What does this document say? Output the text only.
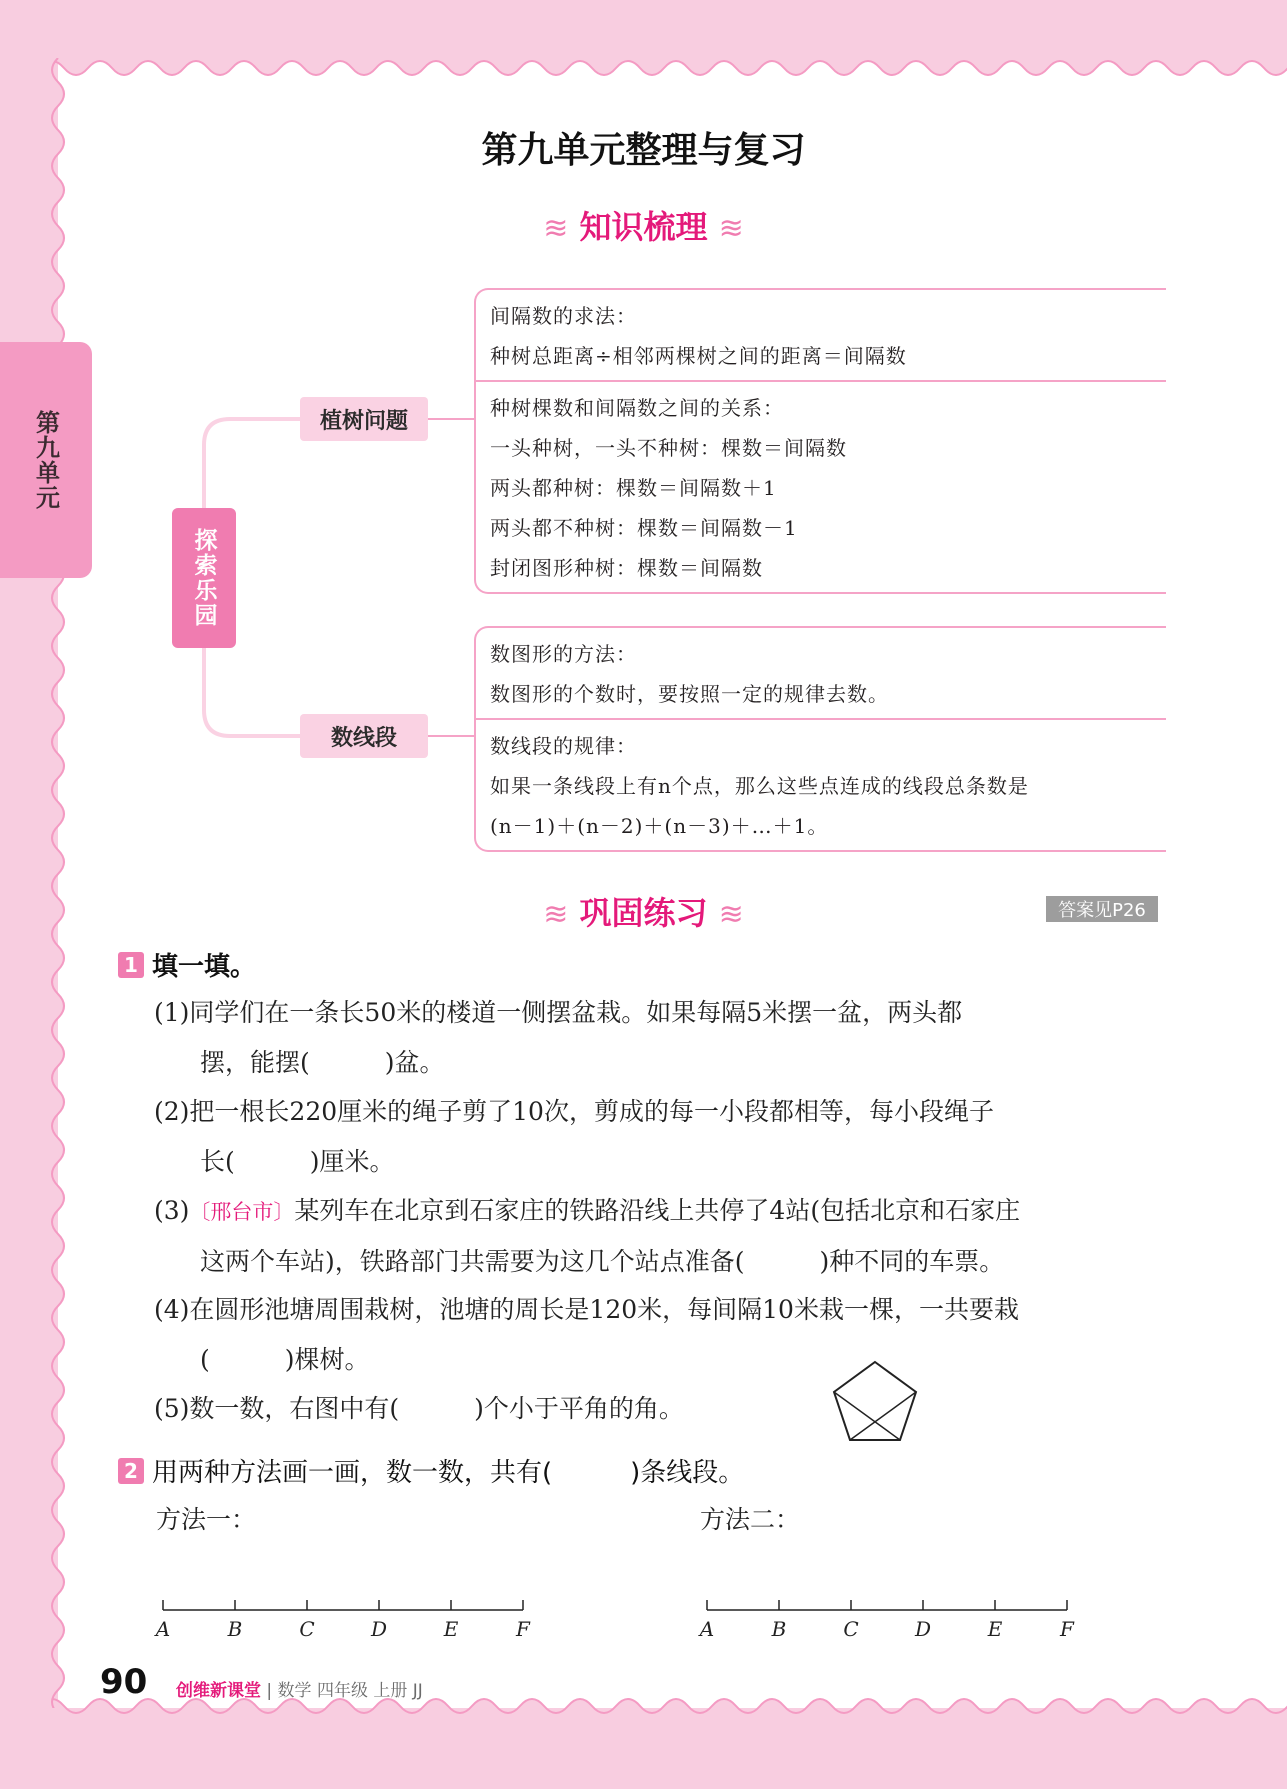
第九单元
第九单元整理与复习
≋ 知识梳理 ≋
探索乐园
植树问题
数线段
间隔数的求法：
种树总距离÷相邻两棵树之间的距离＝间隔数
种树棵数和间隔数之间的关系：
一头种树，一头不种树：棵数＝间隔数
两头都种树：棵数＝间隔数＋1
两头都不种树：棵数＝间隔数－1
封闭图形种树：棵数＝间隔数
数图形的方法：
数图形的个数时，要按照一定的规律去数。
数线段的规律：
如果一条线段上有n个点，那么这些点连成的线段总条数是
(n－1)＋(n－2)＋(n－3)＋…＋1。
≋ 巩固练习 ≋	答案见P26
1 填一填。
(1)同学们在一条长50米的楼道一侧摆盆栽。如果每隔5米摆一盆，两头都
摆，能摆(　　　)盆。
(2)把一根长220厘米的绳子剪了10次，剪成的每一小段都相等，每小段绳子
长(　　　)厘米。
(3)〔邢台市〕某列车在北京到石家庄的铁路沿线上共停了4站(包括北京和石家庄
这两个车站)，铁路部门共需要为这几个站点准备(　　　)种不同的车票。
(4)在圆形池塘周围栽树，池塘的周长是120米，每间隔10米栽一棵，一共要栽
(　　　)棵树。
(5)数一数，右图中有(　　　)个小于平角的角。
2 用两种方法画一画，数一数，共有(　　　)条线段。
方法一：	方法二：
A	B	C	D	E	F	A	B	C	D	E	F
90 创维新课堂 | 数学 四年级 上册 JJ
